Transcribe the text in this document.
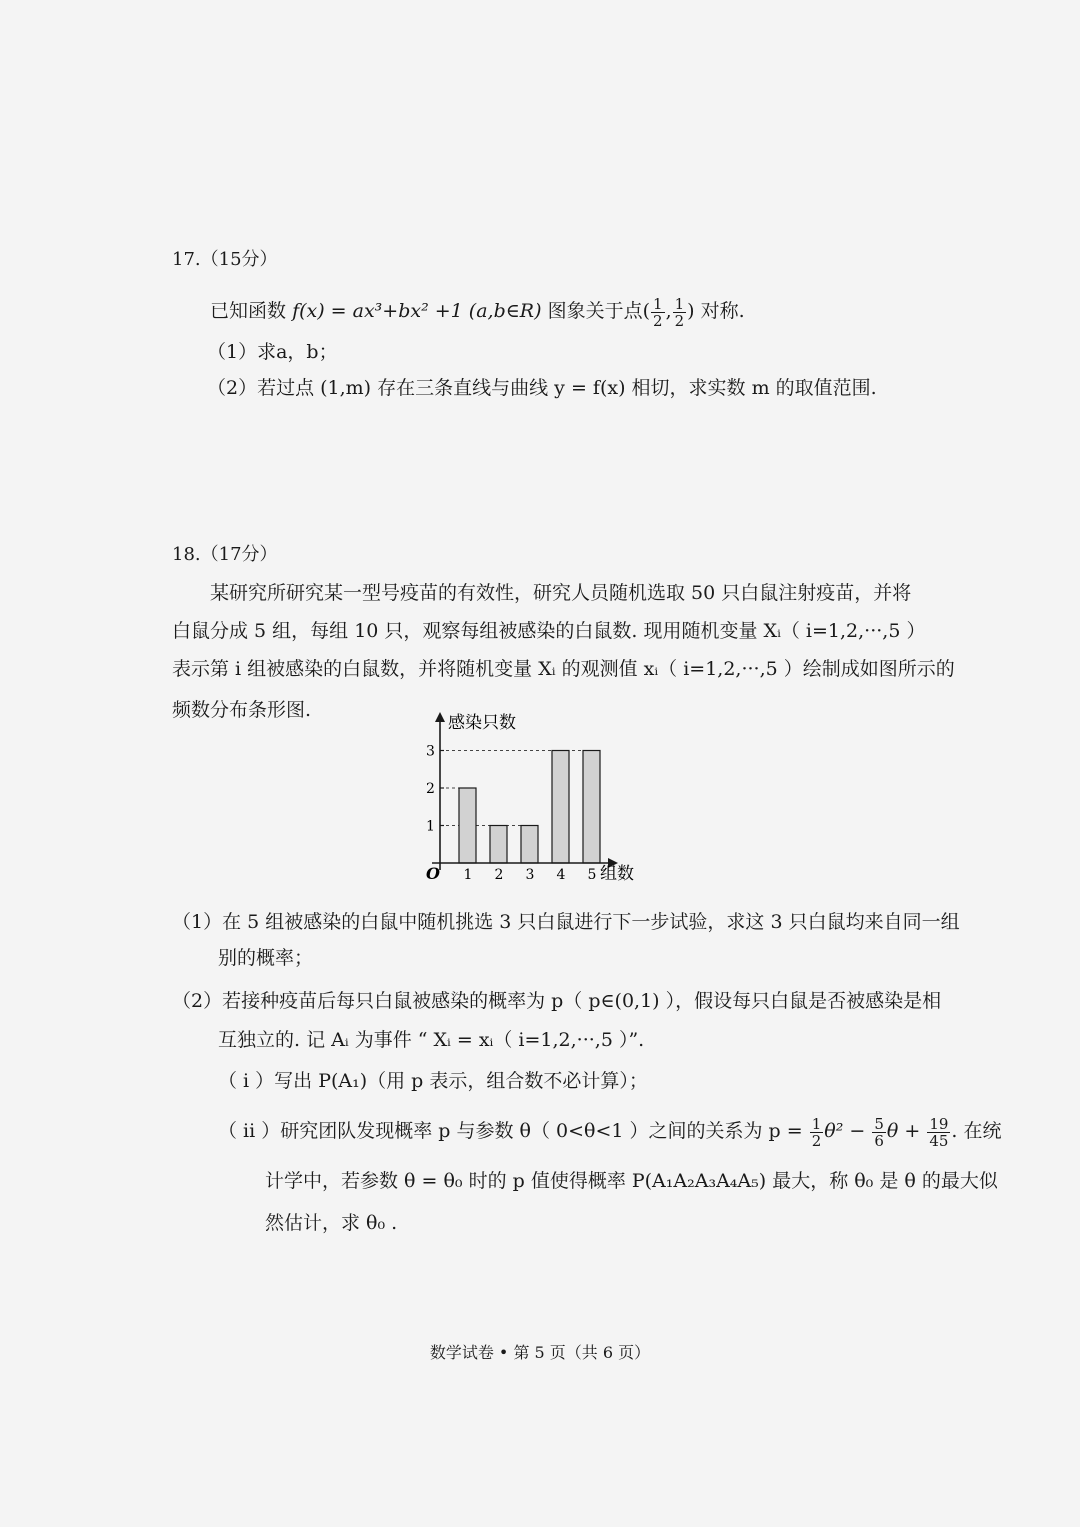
17.（15分）
已知函数 f(x) = ax³+bx² +1 (a,b∈R) 图象关于点( $\frac{1}{2}$ , $\frac{1}{2}$ ) 对称.
（1）求a，b；
（2）若过点 (1,m) 存在三条直线与曲线 y = f(x) 相切，求实数 m 的取值范围.
18.（17分）
某研究所研究某一型号疫苗的有效性，研究人员随机选取 50 只白鼠注射疫苗，并将
白鼠分成 5 组，每组 10 只，观察每组被感染的白鼠数. 现用随机变量 Xᵢ（ i=1,2,···,5 ）
表示第 i 组被感染的白鼠数，并将随机变量 Xᵢ 的观测值 xᵢ（ i=1,2,···,5 ）绘制成如图所示的
频数分布条形图.
感染只数
组数
O
1
2
3
1 2 3 4 5
（1）在 5 组被感染的白鼠中随机挑选 3 只白鼠进行下一步试验，求这 3 只白鼠均来自同一组
别的概率；
（2）若接种疫苗后每只白鼠被感染的概率为 p（ p∈(0,1) ），假设每只白鼠是否被感染是相
互独立的. 记 Aᵢ 为事件 “ Xᵢ = xᵢ（ i=1,2,···,5 ）”.
（ i ）写出 P(A₁)（用 p 表示，组合数不必计算）；
（ ii ）研究团队发现概率 p 与参数 θ（ 0<θ<1 ）之间的关系为 $p = \frac{1}{2} \theta^2 - \frac{5}{6}$ $\theta + \frac{19}{45}$ . 在统
计学中，若参数 θ = θ₀ 时的 p 值使得概率 P(A₁A₂A₃A₄A₅) 最大，称 θ₀ 是 θ 的最大似
然估计，求 θ₀ .
数学试卷 • 第 5 页（共 6 页）
